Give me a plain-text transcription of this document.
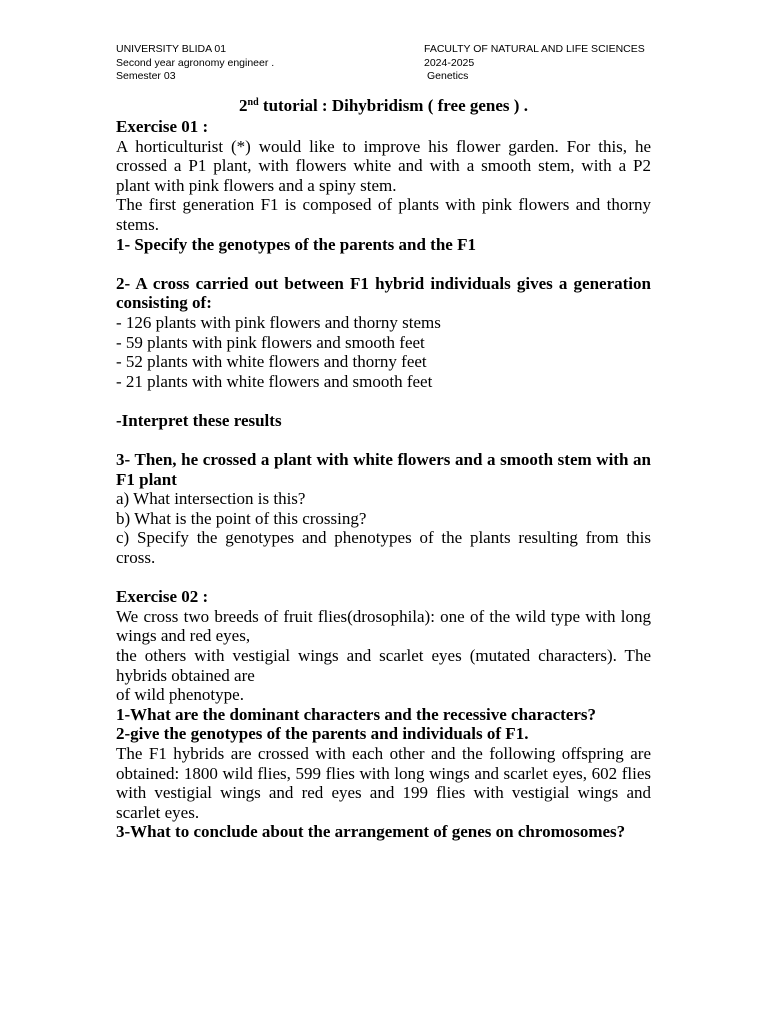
UNIVERSITY BLIDA 01	FACULTY OF NATURAL AND LIFE SCIENCES
Second year agronomy engineer .	2024-2025
Semester 03	Genetics
2nd tutorial : Dihybridism ( free genes ) .

Exercise 01 :

A horticulturist (*) would like to improve his flower garden. For this, he crossed a P1 plant, with flowers white and with a smooth stem, with a P2 plant with pink flowers and a spiny stem.

The first generation F1 is composed of plants with pink flowers and thorny stems.

1- Specify the genotypes of the parents and the F1

2- A cross carried out between F1 hybrid individuals gives a generation consisting of:

- 126 plants with pink flowers and thorny stems

- 59 plants with pink flowers and smooth feet

- 52 plants with white flowers and thorny feet

- 21 plants with white flowers and smooth feet

-Interpret these results

3- Then, he crossed a plant with white flowers and a smooth stem with an F1 plant

a) What intersection is this?

b) What is the point of this crossing?

c) Specify the genotypes and phenotypes of the plants resulting from this cross.

Exercise 02 :

We cross two breeds of fruit flies(drosophila): one of the wild type with long wings and red eyes,

the others with vestigial wings and scarlet eyes (mutated characters). The hybrids obtained are

of wild phenotype.

1-What are the dominant characters and the recessive characters?

2-give the genotypes of the parents and individuals of F1.

The F1 hybrids are crossed with each other and the following offspring are obtained: 1800 wild flies, 599 flies with long wings and scarlet eyes, 602 flies with vestigial wings and red eyes and 199 flies with vestigial wings and scarlet eyes.

3-What to conclude about the arrangement of genes on chromosomes?
